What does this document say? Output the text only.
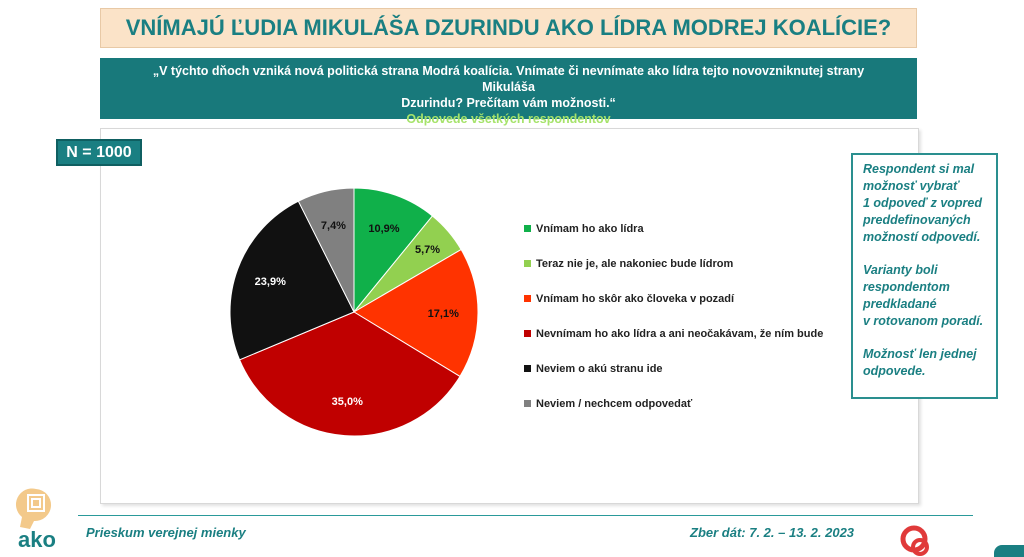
VNÍMAJÚ ĽUDIA MIKULÁŠA DZURINDU AKO LÍDRA MODREJ KOALÍCIE?
„V týchto dňoch vzniká nová politická strana Modrá koalícia. Vnímate či nevnímate ako lídra tejto novovzniknutej strany Mikuláša
Dzurindu? Prečítam vám možnosti.“
Odpovede všetkých respondentov
10,9%
5,7%
17,1%
35,0%
23,9%
7,4%	Vnímam ho ako lídra
Teraz nie je, ale nakoniec bude lídrom
Vnímam ho skôr ako človeka v pozadí
Nevnímam ho ako lídra a ani neočakávam, že ním bude
Neviem o akú stranu ide
Neviem / nechcem odpovedať
N = 1000

Respondent si mal
možnosť vybrať
1 odpoveď z vopred
preddefinovaných
možností odpovedí.

Varianty boli
respondentom
predkladané
v rotovanom poradí.

Možnosť len jednej
odpovede.

Prieskum verejnej mienky	Zber dát: 7. 2. – 13. 2. 2023
ako
